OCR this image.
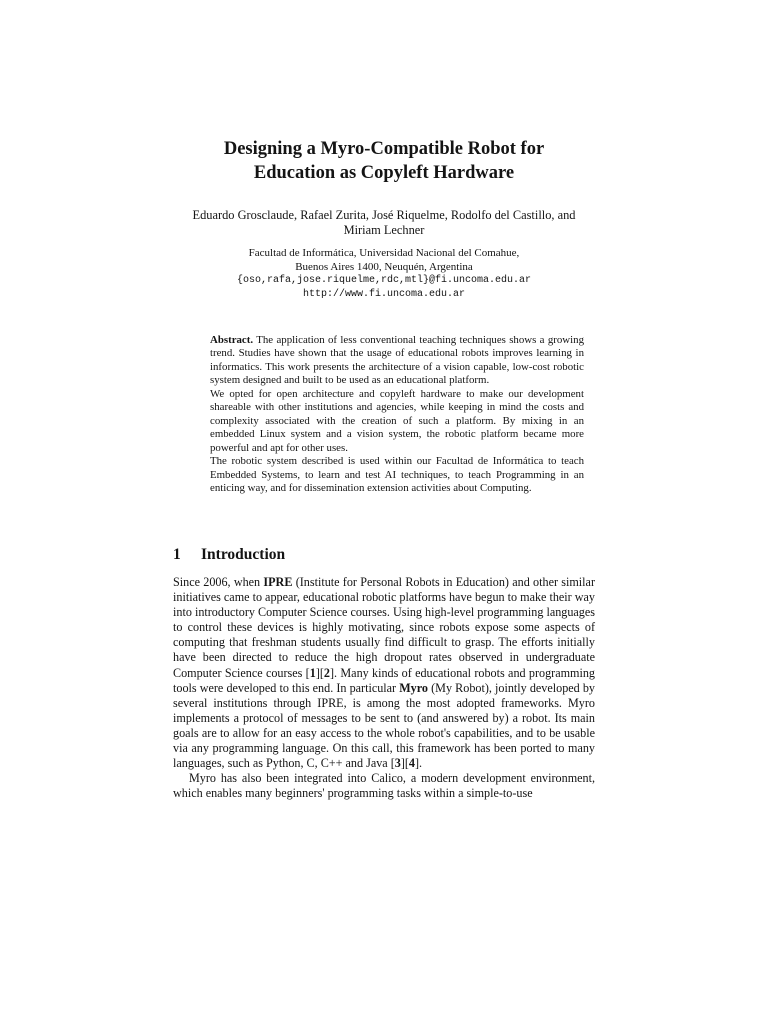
Designing a Myro-Compatible Robot for
Education as Copyleft Hardware
Eduardo Grosclaude, Rafael Zurita, José Riquelme, Rodolfo del Castillo, and
Miriam Lechner
Facultad de Informática, Universidad Nacional del Comahue,
Buenos Aires 1400, Neuquén, Argentina
{oso,rafa,jose.riquelme,rdc,mtl}@fi.uncoma.edu.ar
http://www.fi.uncoma.edu.ar
Abstract. The application of less conventional teaching techniques shows a growing trend. Studies have shown that the usage of educational robots improves learning in informatics. This work presents the architecture of a vision capable, low-cost robotic system designed and built to be used as an educational platform.
We opted for open architecture and copyleft hardware to make our development shareable with other institutions and agencies, while keeping in mind the costs and complexity associated with the creation of such a platform. By mixing in an embedded Linux system and a vision system, the robotic platform became more powerful and apt for other uses.
The robotic system described is used within our Facultad de Informática to teach Embedded Systems, to learn and test AI techniques, to teach Programming in an enticing way, and for dissemination extension activities about Computing.
1 Introduction

Since 2006, when IPRE (Institute for Personal Robots in Education) and other similar initiatives came to appear, educational robotic platforms have begun to make their way into introductory Computer Science courses. Using high-level programming languages to control these devices is highly motivating, since robots expose some aspects of computing that freshman students usually find difficult to grasp. The efforts initially have been directed to reduce the high dropout rates observed in undergraduate Computer Science courses [1][2]. Many kinds of educational robots and programming tools were developed to this end. In particular Myro (My Robot), jointly developed by several institutions through IPRE, is among the most adopted frameworks. Myro implements a protocol of messages to be sent to (and answered by) a robot. Its main goals are to allow for an easy access to the whole robot's capabilities, and to be usable via any programming language. On this call, this framework has been ported to many languages, such as Python, C, C++ and Java [3][4].

Myro has also been integrated into Calico, a modern development environment, which enables many beginners' programming tasks within a simple-to-use
